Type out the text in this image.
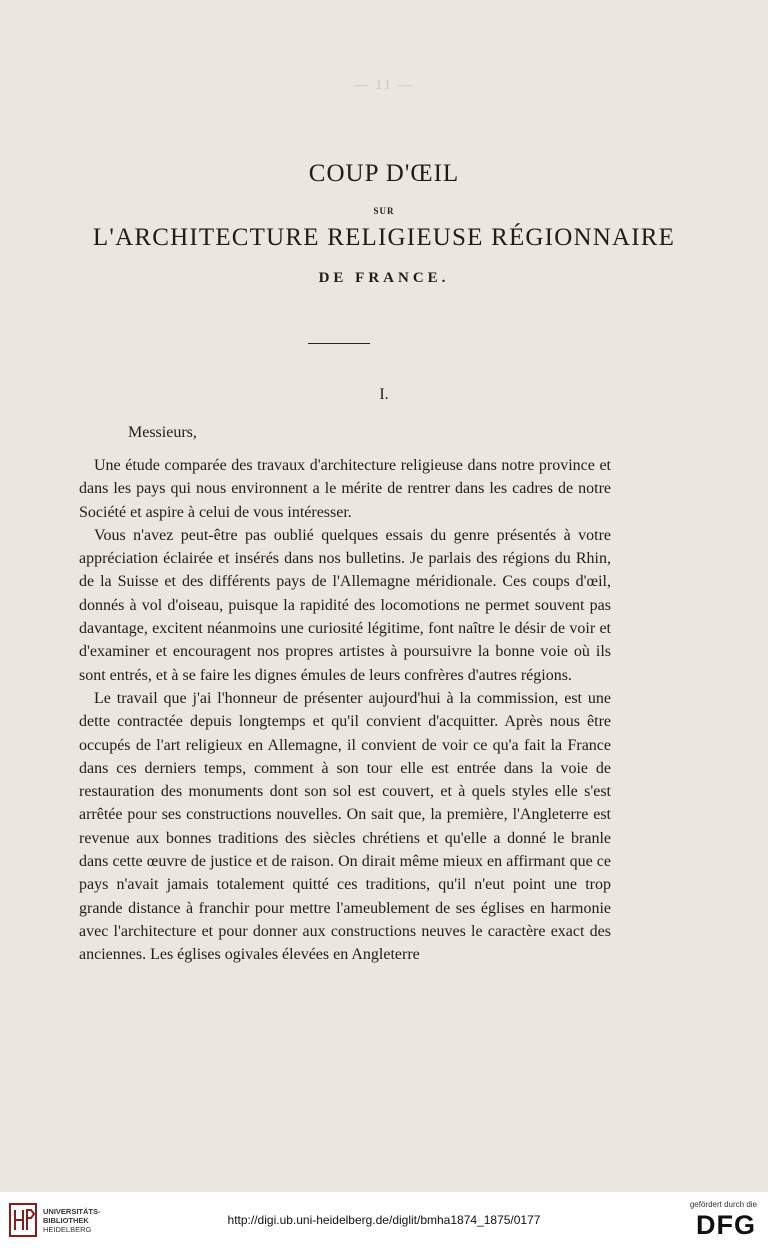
— 11 —
COUP D'ŒIL
SUR
L'ARCHITECTURE RELIGIEUSE RÉGIONNAIRE
DE FRANCE.
I.
Messieurs,

Une étude comparée des travaux d'architecture religieuse dans notre province et dans les pays qui nous environnent a le mérite de rentrer dans les cadres de notre Société et aspire à celui de vous intéresser.

Vous n'avez peut-être pas oublié quelques essais du genre présentés à votre appréciation éclairée et insérés dans nos bulletins. Je parlais des régions du Rhin, de la Suisse et des différents pays de l'Allemagne méridionale. Ces coups d'œil, donnés à vol d'oiseau, puisque la rapidité des locomotions ne permet souvent pas davantage, excitent néanmoins une curiosité légitime, font naître le désir de voir et d'examiner et encouragent nos propres artistes à poursuivre la bonne voie où ils sont entrés, et à se faire les dignes émules de leurs confrères d'autres régions.

Le travail que j'ai l'honneur de présenter aujourd'hui à la commission, est une dette contractée depuis longtemps et qu'il convient d'acquitter. Après nous être occupés de l'art religieux en Allemagne, il convient de voir ce qu'a fait la France dans ces derniers temps, comment à son tour elle est entrée dans la voie de restauration des monuments dont son sol est couvert, et à quels styles elle s'est arrêtée pour ses constructions nouvelles. On sait que, la première, l'Angleterre est revenue aux bonnes traditions des siècles chrétiens et qu'elle a donné le branle dans cette œuvre de justice et de raison. On dirait même mieux en affirmant que ce pays n'avait jamais totalement quitté ces traditions, qu'il n'eut point une trop grande distance à franchir pour mettre l'ameublement de ses églises en harmonie avec l'architecture et pour donner aux constructions neuves le caractère exact des anciennes. Les églises ogivales élevées en Angleterre

UNIVERSITÄTS-
BIBLIOTHEK
HEIDELBERG
http://digi.ub.uni-heidelberg.de/diglit/bmha1874_1875/0177
gefördert durch die
DFG
